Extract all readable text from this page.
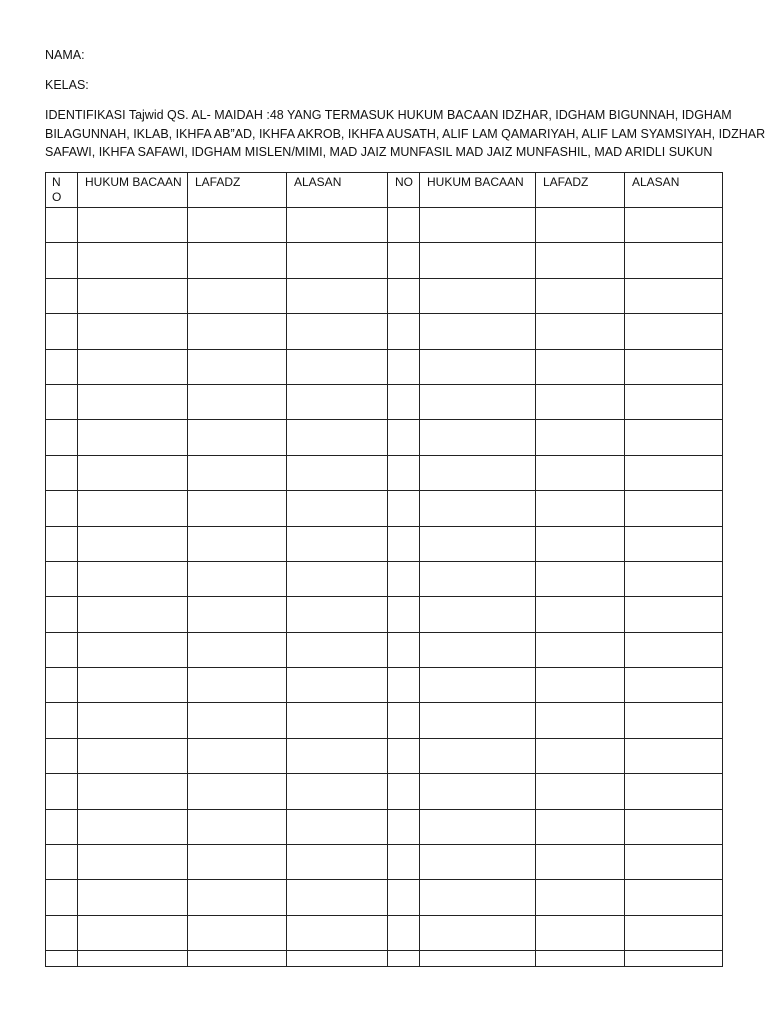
NAMA:
KELAS:
IDENTIFIKASI Tajwid QS. AL- MAIDAH :48 YANG TERMASUK HUKUM BACAAN IDZHAR, IDGHAM BIGUNNAH, IDGHAM
BILAGUNNAH, IKLAB, IKHFA AB”AD, IKHFA AKROB, IKHFA AUSATH, ALIF LAM QAMARIYAH, ALIF LAM SYAMSIYAH, IDZHAR
SAFAWI, IKHFA SAFAWI, IDGHAM MISLEN/MIMI, MAD JAIZ MUNFASIL MAD JAIZ MUNFASHIL, MAD ARIDLI SUKUN
NO	HUKUM BACAAN	LAFADZ	ALASAN	NO	HUKUM BACAAN	LAFADZ	ALASAN
